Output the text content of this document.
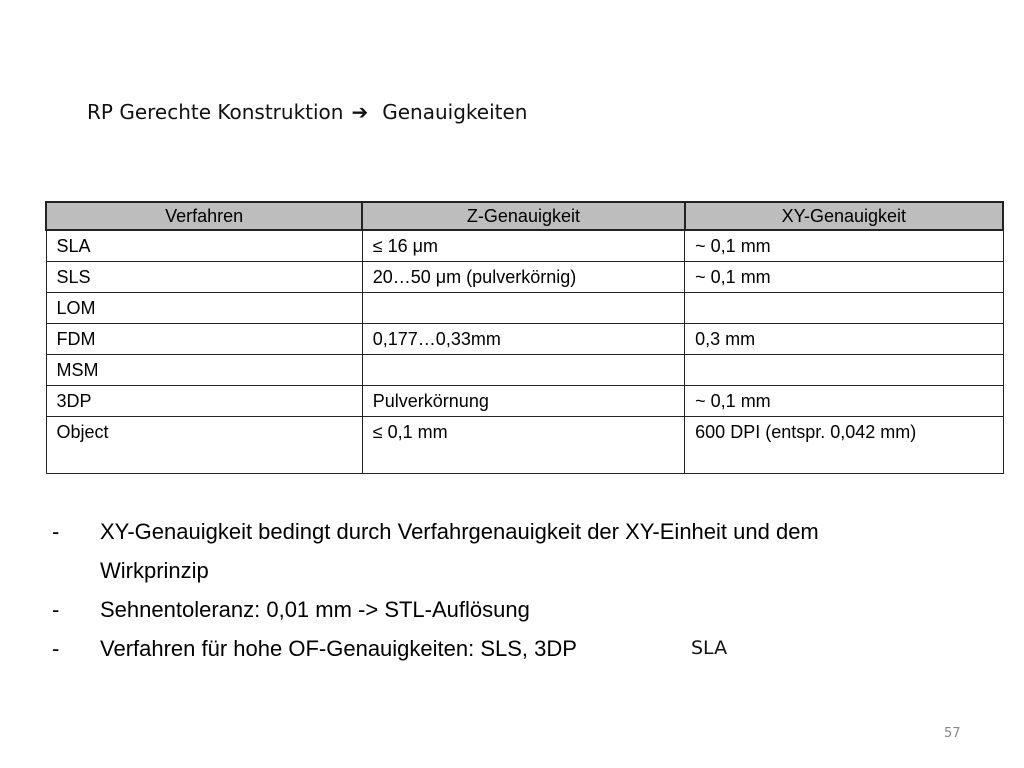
RP Gerechte Konstruktion ➔ Genauigkeiten
Verfahren	Z-Genauigkeit	XY-Genauigkeit
SLA	≤ 16 μm	~ 0,1 mm
SLS	20…50 μm (pulverkörnig)	~ 0,1 mm
LOM		
FDM	0,177…0,33mm	0,3 mm
MSM		
3DP	Pulverkörnung	~ 0,1 mm
Object	≤ 0,1 mm	600 DPI (entspr. 0,042 mm)
-	XY-Genauigkeit bedingt durch Verfahrgenauigkeit der XY-Einheit und dem
Wirkprinzip
-	Sehnentoleranz: 0,01 mm -> STL-Auflösung
-	Verfahren für hohe OF-Genauigkeiten: SLS, 3DP	SLA
57
